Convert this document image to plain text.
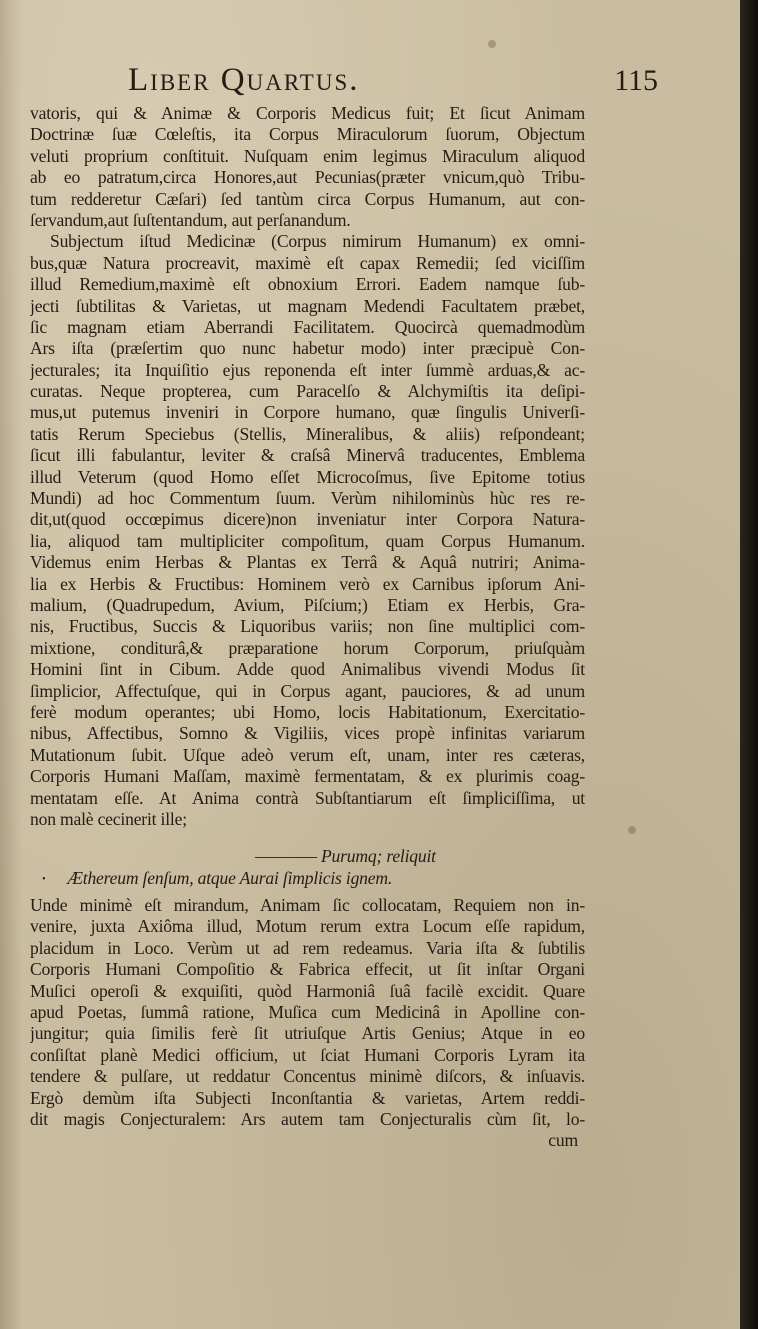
Liber Quartus.	115
vatoris, qui & Animæ & Corporis Medicus fuit; Et ſicut Animam
Doctrinæ ſuæ Cœleſtis, ita Corpus Miraculorum ſuorum, Objectum
veluti proprium conſtituit. Nuſquam enim legimus Miraculum aliquod
ab eo patratum,circa Honores,aut Pecunias(præter vnicum,quò Tribu-
tum redderetur Cæſari) ſed tantùm circa Corpus Humanum, aut con-
ſervandum,aut ſuſtentandum, aut perſanandum.
Subjectum iſtud Medicinæ (Corpus nimirum Humanum) ex omni-
bus,quæ Natura procreavit, maximè eſt capax Remedii; ſed viciſſim
illud Remedium,maximè eſt obnoxium Errori. Eadem namque ſub-
jecti ſubtilitas & Varietas, ut magnam Medendi Facultatem præbet,
ſic magnam etiam Aberrandi Facilitatem. Quocircà quemadmodùm
Ars iſta (præſertim quo nunc habetur modo) inter præcipuè Con-
jecturales; ita Inquiſitio ejus reponenda eſt inter ſummè arduas,& ac-
curatas. Neque propterea, cum Paracelſo & Alchymiſtis ita deſipi-
mus,ut putemus inveniri in Corpore humano, quæ ſingulis Univerſi-
tatis Rerum Speciebus (Stellis, Mineralibus, & aliis) reſpondeant;
ſicut illi fabulantur, leviter & craſsâ Minervâ traducentes, Emblema
illud Veterum (quod Homo eſſet Microcoſmus, ſive Epitome totius
Mundi) ad hoc Commentum ſuum. Verùm nihilominùs hùc res re-
dit,ut(quod occœpimus dicere)non inveniatur inter Corpora Natura-
lia, aliquod tam multipliciter compoſitum, quam Corpus Humanum.
Videmus enim Herbas & Plantas ex Terrâ & Aquâ nutriri; Anima-
lia ex Herbis & Fructibus: Hominem verò ex Carnibus ipſorum Ani-
malium, (Quadrupedum, Avium, Piſcium;) Etiam ex Herbis, Gra-
nis, Fructibus, Succis & Liquoribus variis; non ſine multiplici com-
mixtione, conditurâ,& præparatione horum Corporum, priuſquàm
Homini ſint in Cibum. Adde quod Animalibus vivendi Modus ſit
ſimplicior, Affectuſque, qui in Corpus agant, pauciores, & ad unum
ferè modum operantes; ubi Homo, locis Habitationum, Exercitatio-
nibus, Affectibus, Somno & Vigiliis, vices propè infinitas variarum
Mutationum ſubit. Uſque adeò verum eſt, unam, inter res cæteras,
Corporis Humani Maſſam, maximè fermentatam, & ex plurimis coag-
mentatam eſſe. At Anima contrà Subſtantiarum eſt ſimpliciſſima, ut
non malè cecinerit ille;
———— Purumq; reliquit
• Æthereum ſenſum, atque Aurai ſimplicis ignem.
Unde minimè eſt mirandum, Animam ſic collocatam, Requiem non in-
venire, juxta Axiôma illud, Motum rerum extra Locum eſſe rapidum,
placidum in Loco. Verùm ut ad rem redeamus. Varia iſta & ſubtilis
Corporis Humani Compoſitio & Fabrica effecit, ut ſit inſtar Organi
Muſici operoſi & exquiſiti, quòd Harmoniâ ſuâ facilè excidit. Quare
apud Poetas, ſummâ ratione, Muſica cum Medicinâ in Apolline con-
jungitur; quia ſimilis ferè ſit utriuſque Artis Genius; Atque in eo
conſiſtat planè Medici officium, ut ſciat Humani Corporis Lyram ita
tendere & pulſare, ut reddatur Concentus minimè diſcors, & inſuavis.
Ergò demùm iſta Subjecti Inconſtantia & varietas, Artem reddi-
dit magis Conjecturalem: Ars autem tam Conjecturalis cùm ſit, lo-
cum
